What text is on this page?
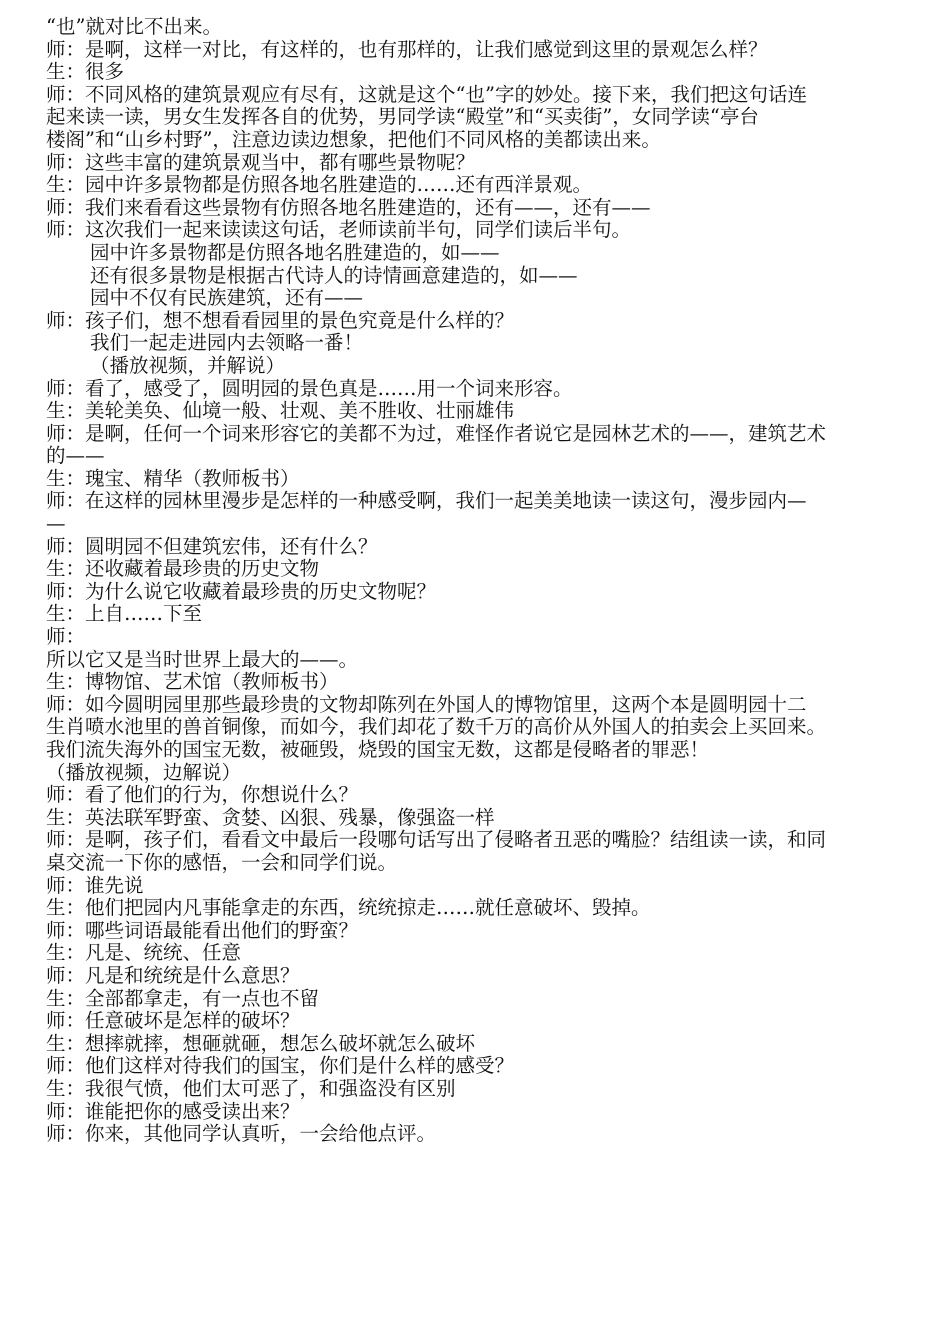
“也”就对比不出来。
师：是啊，这样一对比，有这样的，也有那样的，让我们感觉到这里的景观怎么样？
生：很多
师：不同风格的建筑景观应有尽有，这就是这个“也”字的妙处。接下来，我们把这句话连
起来读一读，男女生发挥各自的优势，男同学读“殿堂”和“买卖街”，女同学读“亭台
楼阁”和“山乡村野”，注意边读边想象，把他们不同风格的美都读出来。
师：这些丰富的建筑景观当中，都有哪些景物呢？
生：园中许多景物都是仿照各地名胜建造的……还有西洋景观。
师：我们来看看这些景物有仿照各地名胜建造的，还有——，还有——
师：这次我们一起来读读这句话，老师读前半句，同学们读后半句。
园中许多景物都是仿照各地名胜建造的，如——
还有很多景物是根据古代诗人的诗情画意建造的，如——
园中不仅有民族建筑，还有——
师：孩子们，想不想看看园里的景色究竟是什么样的？
我们一起走进园内去领略一番！
（播放视频，并解说）
师：看了，感受了，圆明园的景色真是……用一个词来形容。
生：美轮美奂、仙境一般、壮观、美不胜收、壮丽雄伟
师：是啊，任何一个词来形容它的美都不为过，难怪作者说它是园林艺术的——，建筑艺术
的——
生：瑰宝、精华（教师板书）
师：在这样的园林里漫步是怎样的一种感受啊，我们一起美美地读一读这句，漫步园内—
—
师：圆明园不但建筑宏伟，还有什么？
生：还收藏着最珍贵的历史文物
师：为什么说它收藏着最珍贵的历史文物呢？
生：上自……下至
师：
所以它又是当时世界上最大的——。
生：博物馆、艺术馆（教师板书）
师：如今圆明园里那些最珍贵的文物却陈列在外国人的博物馆里，这两个本是圆明园十二
生肖喷水池里的兽首铜像，而如今，我们却花了数千万的高价从外国人的拍卖会上买回来。
我们流失海外的国宝无数，被砸毁，烧毁的国宝无数，这都是侵略者的罪恶！
（播放视频，边解说）
师：看了他们的行为，你想说什么？
生：英法联军野蛮、贪婪、凶狠、残暴，像强盗一样
师：是啊，孩子们，看看文中最后一段哪句话写出了侵略者丑恶的嘴脸？结组读一读，和同
桌交流一下你的感悟，一会和同学们说。
师：谁先说
生：他们把园内凡事能拿走的东西，统统掠走……就任意破坏、毁掉。
师：哪些词语最能看出他们的野蛮？
生：凡是、统统、任意
师：凡是和统统是什么意思？
生：全部都拿走，有一点也不留
师：任意破坏是怎样的破坏？
生：想摔就摔，想砸就砸，想怎么破坏就怎么破坏
师：他们这样对待我们的国宝，你们是什么样的感受？
生：我很气愤，他们太可恶了，和强盗没有区别
师：谁能把你的感受读出来？
师：你来，其他同学认真听，一会给他点评。
